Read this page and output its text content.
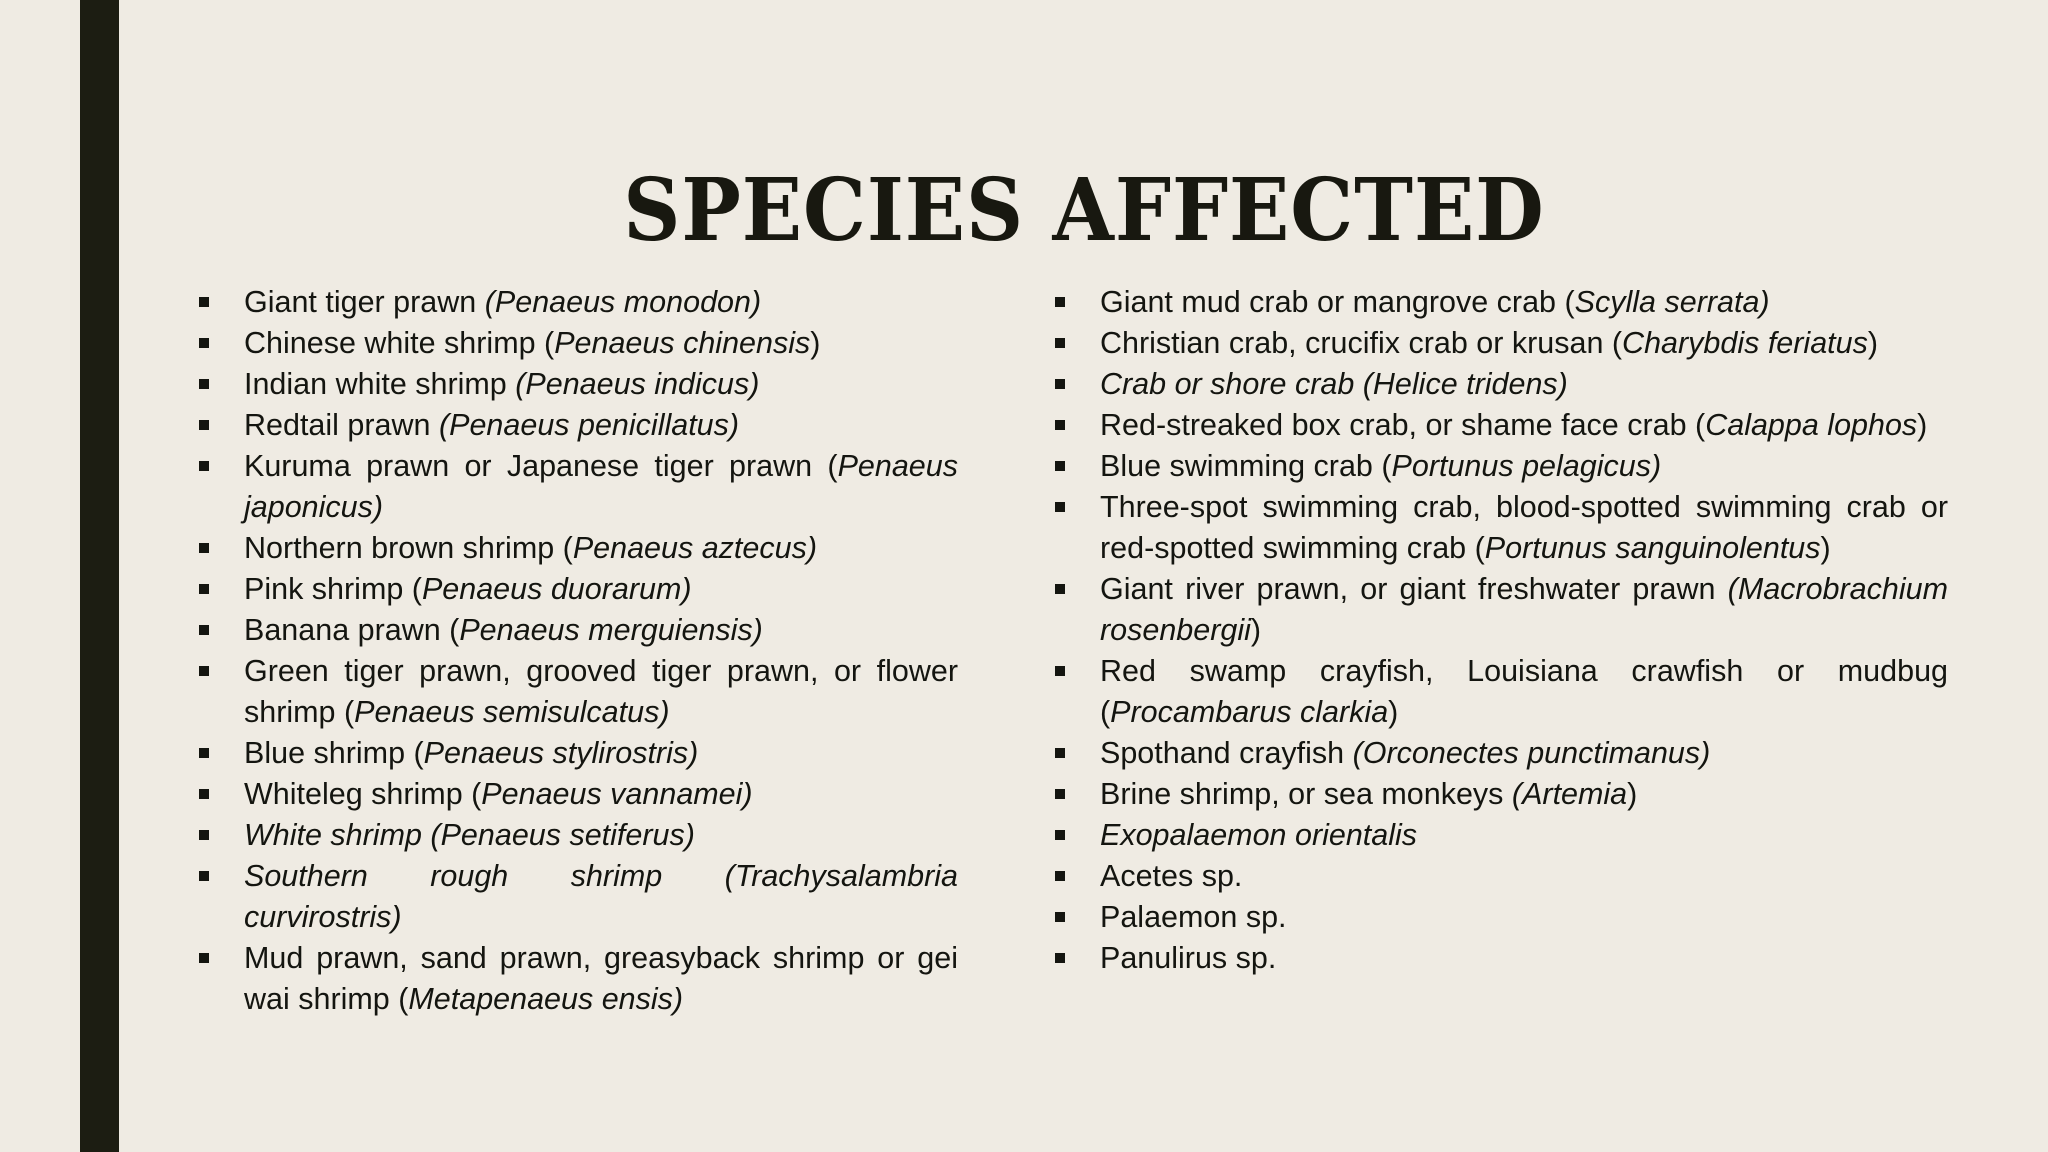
SPECIES AFFECTED
Giant tiger prawn (Penaeus monodon)
Chinese white shrimp (Penaeus chinensis)
Indian white shrimp (Penaeus indicus)
Redtail prawn (Penaeus penicillatus)
Kuruma prawn or Japanese tiger prawn (Penaeus japonicus)
Northern brown shrimp (Penaeus aztecus)
Pink shrimp (Penaeus duorarum)
Banana prawn (Penaeus merguiensis)
Green tiger prawn, grooved tiger prawn, or flower shrimp (Penaeus semisulcatus)
Blue shrimp (Penaeus stylirostris)
Whiteleg shrimp (Penaeus vannamei)
White shrimp (Penaeus setiferus)
Southern rough shrimp (Trachysalambria curvirostris)
Mud prawn, sand prawn, greasyback shrimp or gei wai shrimp (Metapenaeus ensis)
Giant mud crab or mangrove crab (Scylla serrata)
Christian crab, crucifix crab or krusan (Charybdis feriatus)
Crab or shore crab (Helice tridens)
Red-streaked box crab, or shame face crab (Calappa lophos)
Blue swimming crab (Portunus pelagicus)
Three-spot swimming crab, blood-spotted swimming crab or red-spotted swimming crab (Portunus sanguinolentus)
Giant river prawn, or giant freshwater prawn (Macrobrachium rosenbergii)
Red swamp crayfish, Louisiana crawfish or mudbug (Procambarus clarkia)
Spothand crayfish (Orconectes punctimanus)
Brine shrimp, or sea monkeys (Artemia)
Exopalaemon orientalis
Acetes sp.
Palaemon sp.
Panulirus sp.
